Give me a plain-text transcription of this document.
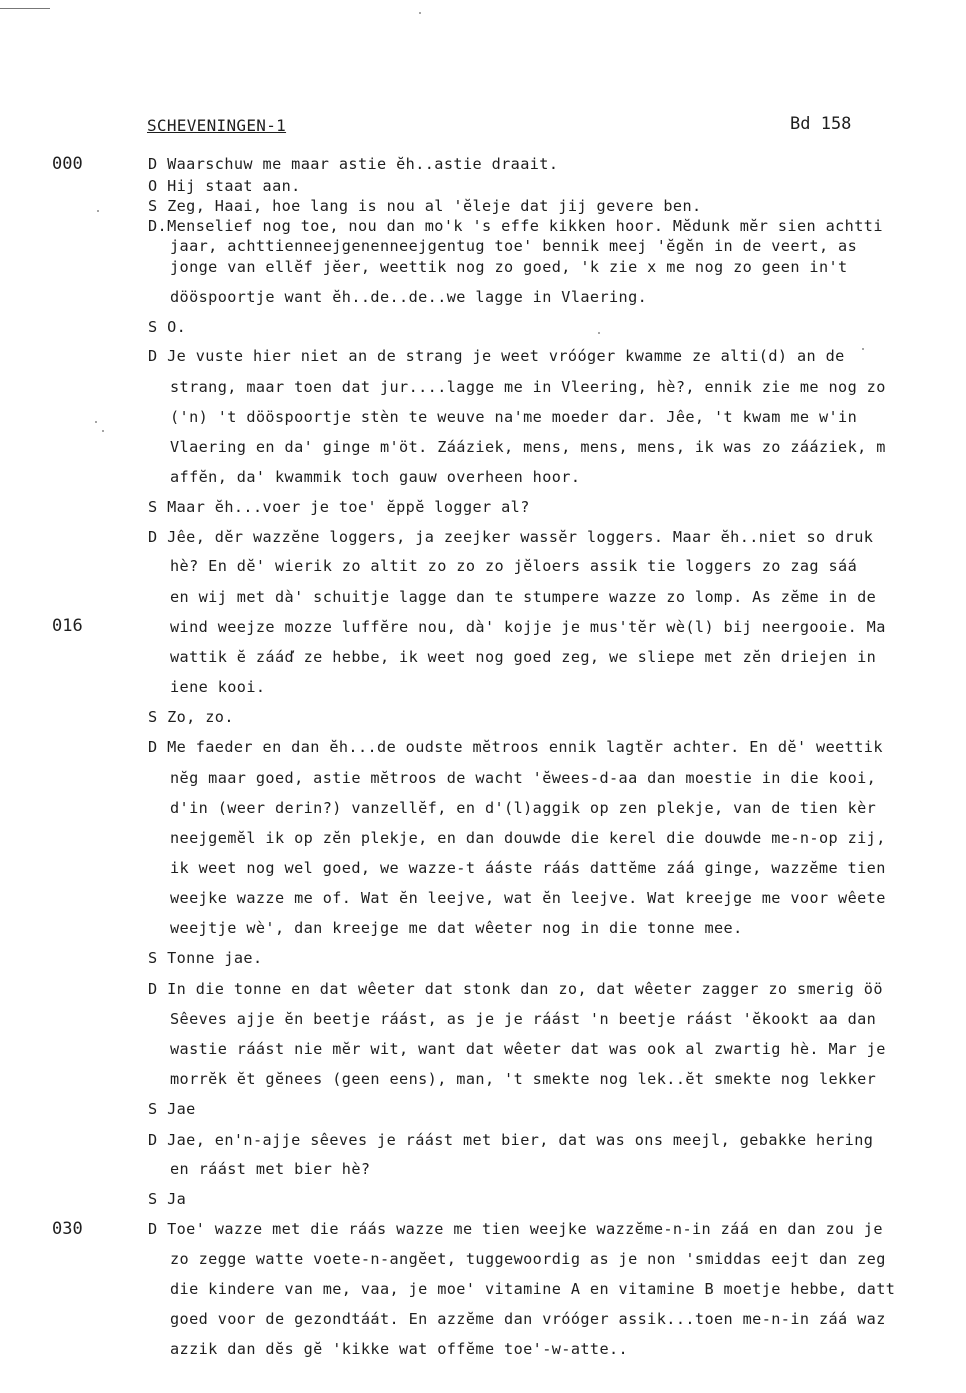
SCHEVENINGEN-1	Bd 158
000
016
030
D Waarschuw me maar astie ĕh..astie draait.
O Hij staat aan.
S Zeg, Haai, hoe lang is nou al 'ĕleje dat jij gevere ben.
D.Menselief nog toe, nou dan mo'k 's effe kikken hoor. Mĕdunk mĕr sien achtti
jaar, achttienneejgenenneejgentug toe' bennik meej 'ĕgĕn in de veert, as
jonge van ellĕf jĕer, weettik nog zo goed, 'k zie x me nog zo geen in't
dööspoortje want ĕh..de..de..we lagge in Vlaering.
S O.
D Je vuste hier niet an de strang je weet vróóger kwamme ze alti(d) an de
strang, maar toen dat jur....lagge me in Vleering, hè?, ennik zie me nog zo
('n) 't dööspoortje stèn te weuve na'me moeder dar. Jêe, 't kwam me w'in
Vlaering en da' ginge m'öt. Zááziek, mens, mens, mens, ik was zo zááziek, m
affĕn, da' kwammik toch gauw overheen hoor.
S Maar ĕh...voer je toe' ĕppĕ logger al?
D Jêe, dĕr wazzĕne loggers, ja zeejker wassĕr loggers. Maar ĕh..niet so druk
hè? En dĕ' wierik zo altit zo zo zo jĕloers assik tie loggers zo zag sáá
en wij met dà' schuitje lagge dan te stumpere wazze zo lomp. As zĕme in de
wind weejze mozze luffĕre nou, dà' kojje je mus'tĕr wè(l) bij neergooie. Ma
wattik ĕ zááď ze hebbe, ik weet nog goed zeg, we sliepe met zĕn driejen in
iene kooi.
S Zo, zo.
D Me faeder en dan ĕh...de oudste mĕtroos ennik lagtĕr achter. En dĕ' weettik
nĕg maar goed, astie mĕtroos de wacht 'ĕwees-d-aa dan moestie in die kooi,
d'in (weer derin?) vanzellĕf, en d'(l)aggik op zen plekje, van de tien kèr
neejgemĕl ik op zĕn plekje, en dan douwde die kerel die douwde me-n-op zij,
ik weet nog wel goed, we wazze-t ááste ráás dattĕme záá ginge, wazzĕme tien
weejke wazze me of. Wat ĕn leejve, wat ĕn leejve. Wat kreejge me voor wêete
weejtje wè', dan kreejge me dat wêeter nog in die tonne mee.
S Tonne jae.
D In die tonne en dat wêeter dat stonk dan zo, dat wêeter zagger zo smerig öö
Sêeves ajje ĕn beetje ráást, as je je ráást 'n beetje ráást 'ĕkookt aa dan
wastie ráást nie mĕr wit, want dat wêeter dat was ook al zwartig hè. Mar je
morrĕk ĕt gĕnees (geen eens), man, 't smekte nog lek..ĕt smekte nog lekker
S Jae
D Jae, en'n-ajje sêeves je ráást met bier, dat was ons meejl, gebakke hering
en ráást met bier hè?
S Ja
D Toe' wazze met die ráás wazze me tien weejke wazzĕme-n-in záá en dan zou je
zo zegge watte voete-n-angĕet, tuggewoordig as je non 'smiddas eejt dan zeg
die kindere van me, vaa, je moe' vitamine A en vitamine B moetje hebbe, datt
goed voor de gezondtáát. En azzĕme dan vróóger assik...toen me-n-in záá waz
azzik dan dĕs gĕ 'kikke wat offĕme toe'-w-atte..
